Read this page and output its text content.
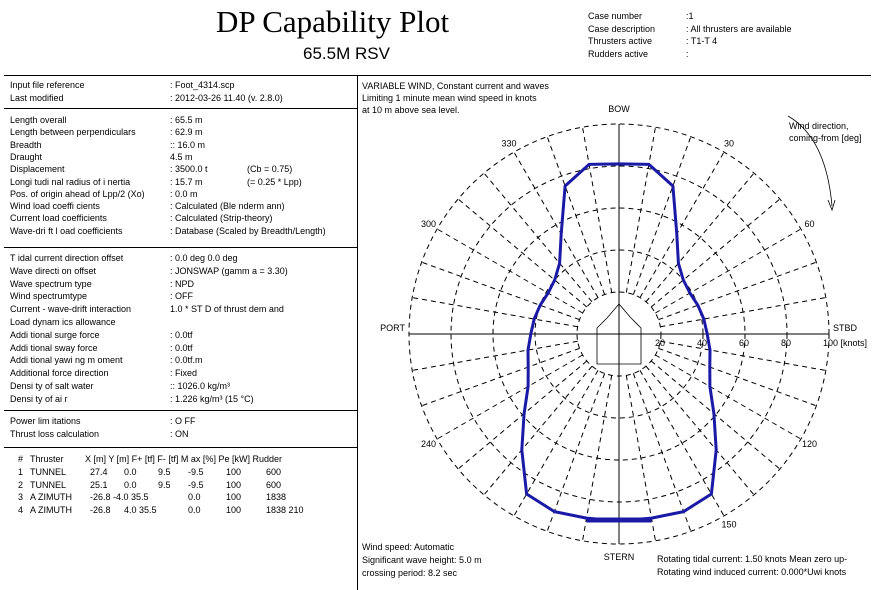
DP Capability Plot
65.5M RSV
Case number	:1
Case description	: All thrusters are available
Thrusters active	: T1-T 4
Rudders active	:
Input file reference	: Foot_4314.scp
Last modified	: 2012-03-26 11.40 (v. 2.8.0)
Length overall	: 65.5 m
Length between perpendiculars	: 62.9 m
Breadth	:: 16.0 m
Draught	4.5 m
Displacement	: 3500.0 t	(Cb = 0.75)
Longi tudi nal radius of i nertia	: 15.7 m	(= 0.25 * Lpp)
Pos. of origin ahead of Lpp/2 (Xo)	: 0.0 m
Wind load coeffi cients	: Calculated (Ble nderm ann)
Current load coefficients	: Calculated (Strip-theory)
Wave-dri ft l oad coefficients	: Database (Scaled by Breadth/Length)
T idal current direction offset	: 0.0 deg 0.0 deg
Wave directi on offset	: JONSWAP (gamm a = 3.30)
Wave spectrum type	: NPD
Wind spectrumtype	: OFF
Current - wave-drift interaction	1.0 * ST D of thrust dem and
Load dynam ics allowance
Addi tional surge force	: 0.0tf
Addi tional sway force	: 0.0tf
Addi tional yawi ng m oment	: 0.0tf.m
Additional force direction	: Fixed
Densi ty of salt water	:: 1026.0 kg/m³
Densi ty of ai r	: 1.226 kg/m³ (15 °C)
Power lim itations	: O FF
Thrust loss calculation	: ON
# Thruster X [m] Y [m] F+ [tf] F- [tf] M ax [%] Pe [kW] Rudder
1 TUNNEL	27.4 0.0 9.5 -9.5 100	600
2 TUNNEL	25.1 0.0 9.5 -9.5 100	600
3 A ZIMUTH -26.8 -4.0 35.5	0.0	100	1838
4 A ZIMUTH -26.8 4.0 35.5	0.0	100	1838 210
VARIABLE WIND, Constant current and waves
Limiting 1 minute mean wind speed in knots
at 10 m above sea level.
Wind direction,
coming-from [deg]
Wind speed: Automatic
Significant wave height: 5.0 m
crossing period: 8.2 sec
Rotating tidal current: 1.50 knots Mean zero up-
Rotating wind induced current: 0.000*Uwi knots
20	40	60	80	100 [knots]
BOW
30
60
STBD
120
150
STERN
240
PORT
300
330
